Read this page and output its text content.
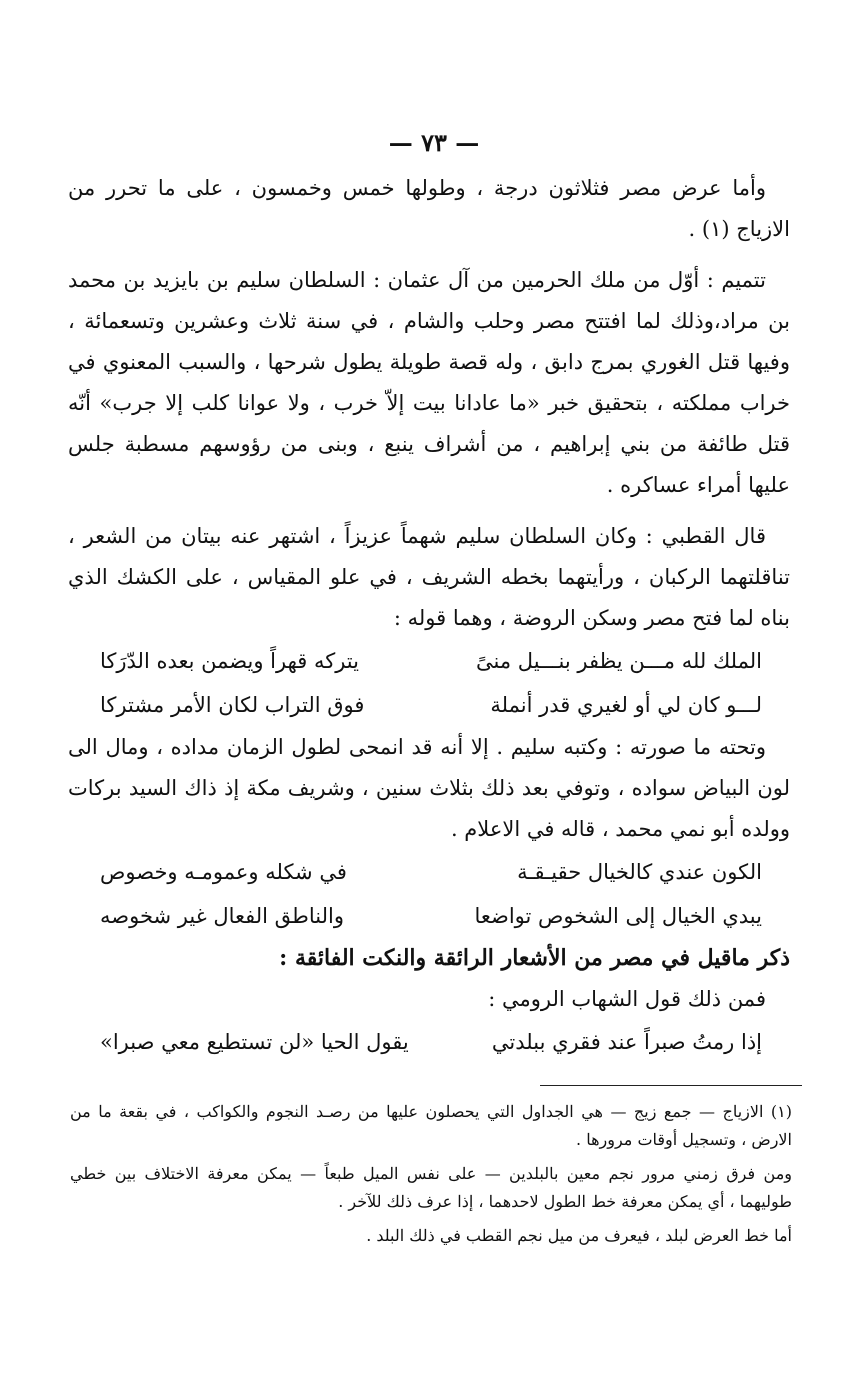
— ٧٣ —

وأما عرض مصر فثلاثون درجة ، وطولها خمس وخمسون ، على ما تحرر من الازياج (١) .

تتميم : أوّل من ملك الحرمين من آل عثمان : السلطان سليم بن بايزيد بن محمد بن مراد،وذلك لما افتتح مصر وحلب والشام ، في سنة ثلاث وعشرين وتسعمائة ، وفيها قتل الغوري بمرج دابق ، وله قصة طويلة يطول شرحها ، والسبب المعنوي في خراب مملكته ، بتحقيق خبر «ما عادانا بيت إلاّ خرب ، ولا عوانا كلب إلا جرب» أنّه قتل طائفة من بني إبراهيم ، من أشراف ينبع ، وبنى من رؤوسهم مسطبة جلس عليها أمراء عساكره .

قال القطبي : وكان السلطان سليم شهماً عزيزاً ، اشتهر عنه بيتان من الشعر ، تناقلتهما الركبان ، ورأيتهما بخطه الشريف ، في علو المقياس ، على الكشك الذي بناه لما فتح مصر وسكن الروضة ، وهما قوله :

الملك لله مـــن يظفر بنـــيل منىً
يتركه قهراً ويضمن بعده الدّرَكا
لـــو كان لي أو لغيري قدر أنملة
فوق التراب لكان الأمر مشتركا

وتحته ما صورته : وكتبه سليم . إلا أنه قد انمحى لطول الزمان مداده ، ومال الى لون البياض سواده ، وتوفي بعد ذلك بثلاث سنين ، وشريف مكة إذ ذاك السيد بركات وولده أبو نمي محمد ، قاله في الاعلام .

الكون عندي كالخيال حقيـقـة
في شكله وعمومـه وخصوص
يبدي الخيال إلى الشخوص تواضعا
والناطق الفعال غير شخوصه

ذكر ماقيل في مصر من الأشعار الرائقة والنكت الفائقة :

فمن ذلك قول الشهاب الرومي :

إذا رمتُ صبراً عند فقري ببلدتي
يقول الحيا «لن تستطيع معي صبرا»

(١) الازياج — جمع زيج — هي الجداول التي يحصلون عليها من رصـد النجوم والكواكب ، في بقعة ما من الارض ، وتسجيل أوقات مرورها .

ومن فرق زمني مرور نجم معين بالبلدين — على نفس الميل طبعاً — يمكن معرفة الاختلاف بين خطي طوليهما ، أي يمكن معرفة خط الطول لاحدهما ، إذا عرف ذلك للآخر .

أما خط العرض لبلد ، فيعرف من ميل نجم القطب في ذلك البلد .
